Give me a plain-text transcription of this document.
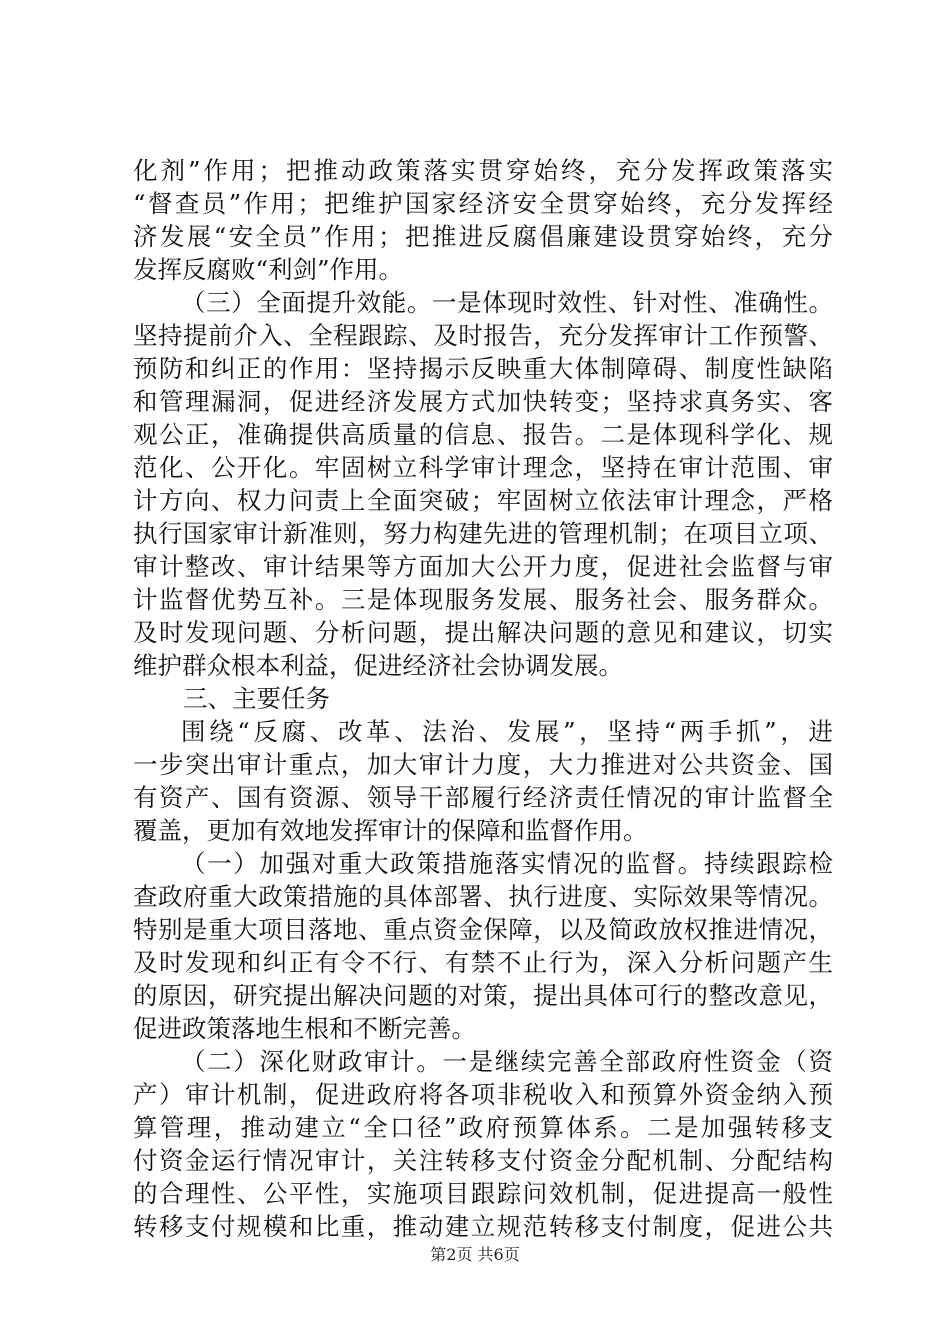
化剂”作用；把推动政策落实贯穿始终，充分发挥政策落实
“督查员”作用；把维护国家经济安全贯穿始终，充分发挥经
济发展“安全员”作用；把推进反腐倡廉建设贯穿始终，充分
发挥反腐败“利剑”作用。
（三）全面提升效能。一是体现时效性、针对性、准确性。
坚持提前介入、全程跟踪、及时报告，充分发挥审计工作预警、
预防和纠正的作用：坚持揭示反映重大体制障碍、制度性缺陷
和管理漏洞，促进经济发展方式加快转变；坚持求真务实、客
观公正，准确提供高质量的信息、报告。二是体现科学化、规
范化、公开化。牢固树立科学审计理念，坚持在审计范围、审
计方向、权力问责上全面突破；牢固树立依法审计理念，严格
执行国家审计新准则，努力构建先进的管理机制；在项目立项、
审计整改、审计结果等方面加大公开力度，促进社会监督与审
计监督优势互补。三是体现服务发展、服务社会、服务群众。
及时发现问题、分析问题，提出解决问题的意见和建议，切实
维护群众根本利益，促进经济社会协调发展。
三、主要任务
围绕“反腐、改革、法治、发展”，坚持“两手抓”，进
一步突出审计重点，加大审计力度，大力推进对公共资金、国
有资产、国有资源、领导干部履行经济责任情况的审计监督全
覆盖，更加有效地发挥审计的保障和监督作用。
（一）加强对重大政策措施落实情况的监督。持续跟踪检
查政府重大政策措施的具体部署、执行进度、实际效果等情况。
特别是重大项目落地、重点资金保障，以及简政放权推进情况，
及时发现和纠正有令不行、有禁不止行为，深入分析问题产生
的原因，研究提出解决问题的对策，提出具体可行的整改意见，
促进政策落地生根和不断完善。
（二）深化财政审计。一是继续完善全部政府性资金（资
产）审计机制，促进政府将各项非税收入和预算外资金纳入预
算管理，推动建立“全口径”政府预算体系。二是加强转移支
付资金运行情况审计，关注转移支付资金分配机制、分配结构
的合理性、公平性，实施项目跟踪问效机制，促进提高一般性
转移支付规模和比重，推动建立规范转移支付制度，促进公共
第2页 共6页
